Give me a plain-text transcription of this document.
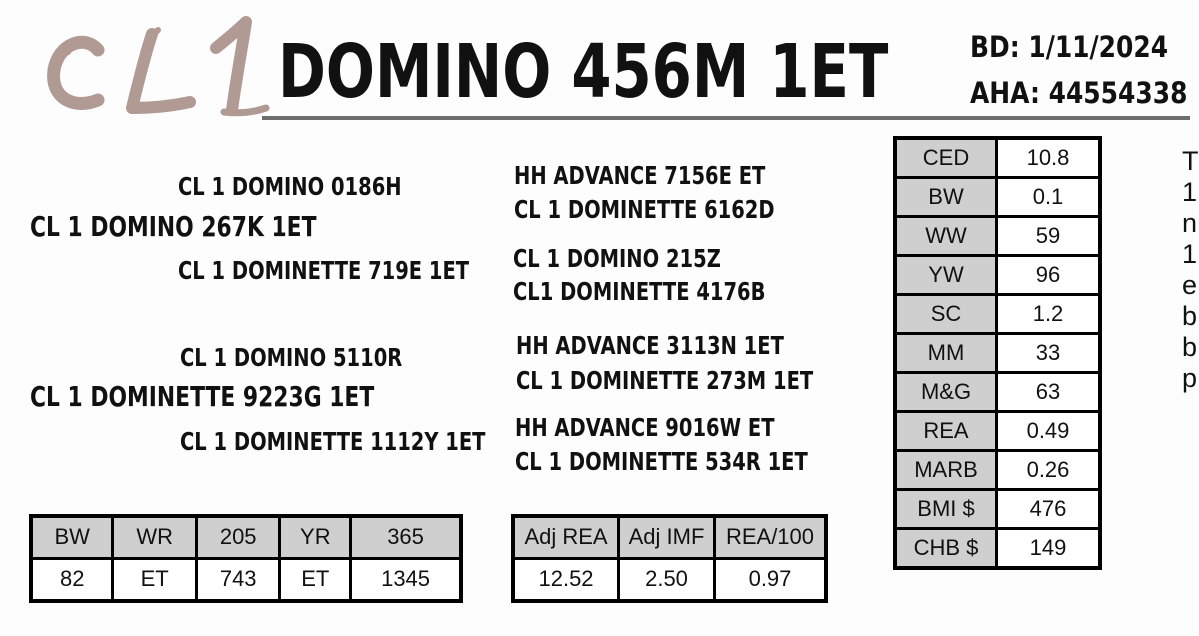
CL1
DOMINO 456M 1ET	BD: 1/11/2024
AHA: 44554338
CL 1 DOMINO 0186H
CL 1 DOMINO 267K 1ET
CL 1 DOMINETTE 719E 1ET
CL 1 DOMINO 5110R
CL 1 DOMINETTE 9223G 1ET
CL 1 DOMINETTE 1112Y 1ET
HH ADVANCE 7156E ET
CL 1 DOMINETTE 6162D
CL 1 DOMINO 215Z
CL1 DOMINETTE 4176B
HH ADVANCE 3113N 1ET
CL 1 DOMINETTE 273M 1ET
HH ADVANCE 9016W ET
CL 1 DOMINETTE 534R 1ET
BW	WR	205	YR	365
82	ET	743	ET	1345
Adj REA	Adj IMF	REA/100
12.52	2.50	0.97
CED	10.8
BW	0.1
WW	59
YW	96
SC	1.2
MM	33
M&G	63
REA	0.49
MARB	0.26
BMI $	476
CHB $	149
T
1
n
1
e
b
b
p
